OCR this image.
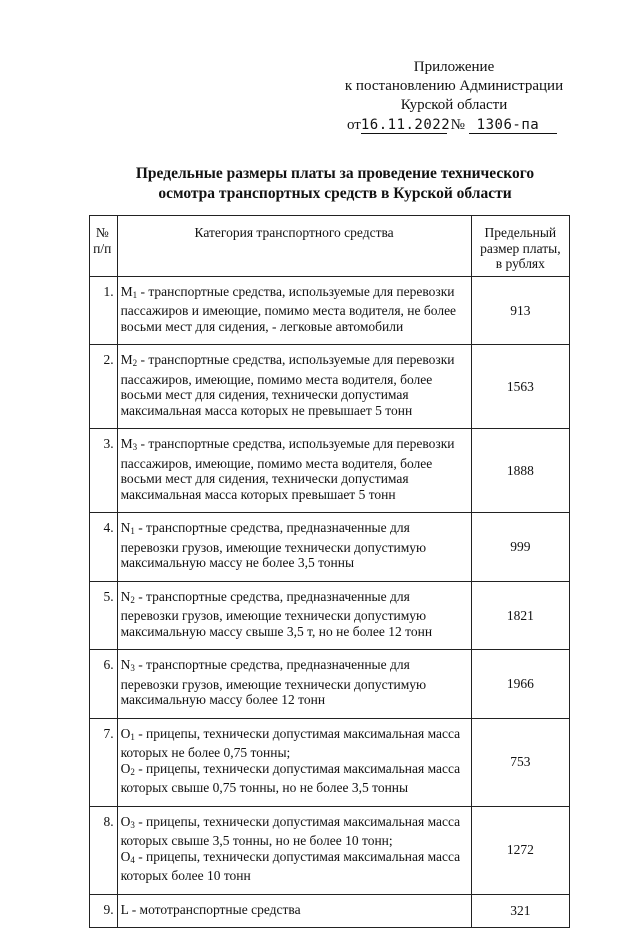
Приложение
к постановлению Администрации
Курской области
от16.11.2022 № 1306-па
Предельные размеры платы за проведение технического
осмотра транспортных средств в Курской области
№ п/п	Категория транспортного средства	Предельный размер платы, в рублях

1.	$M_1$ - транспортные средства, используемые для перевозки пассажиров и имеющие, помимо места водителя, не более восьми мест для сидения, - легковые автомобили	913

2.	$M_2$ - транспортные средства, используемые для перевозки пассажиров, имеющие, помимо места водителя, более восьми мест для сидения, технически допустимая максимальная масса которых не превышает 5 тонн	1563

3.	$M_3$ - транспортные средства, используемые для перевозки пассажиров, имеющие, помимо места водителя, более восьми мест для сидения, технически допустимая максимальная масса которых превышает 5 тонн	1888

4.	$N_1$ - транспортные средства, предназначенные для перевозки грузов, имеющие технически допустимую максимальную массу не более 3,5 тонны	999

5.	$N_2$ - транспортные средства, предназначенные для перевозки грузов, имеющие технически допустимую максимальную массу свыше 3,5 т, но не более 12 тонн	1821

6.	$N_3$ - транспортные средства, предназначенные для перевозки грузов, имеющие технически допустимую максимальную массу более 12 тонн	1966

7.	$O_1$ - прицепы, технически допустимая максимальная масса которых не более 0,75 тонны;
$O_2$ - прицепы, технически допустимая максимальная масса которых свыше 0,75 тонны, но не более 3,5 тонны	753

8.	$O_3$ - прицепы, технически допустимая максимальная масса которых свыше 3,5 тонны, но не более 10 тонн;
$O_4$ - прицепы, технически допустимая максимальная масса которых более 10 тонн	1272

9.	L - мототранспортные средства	321
